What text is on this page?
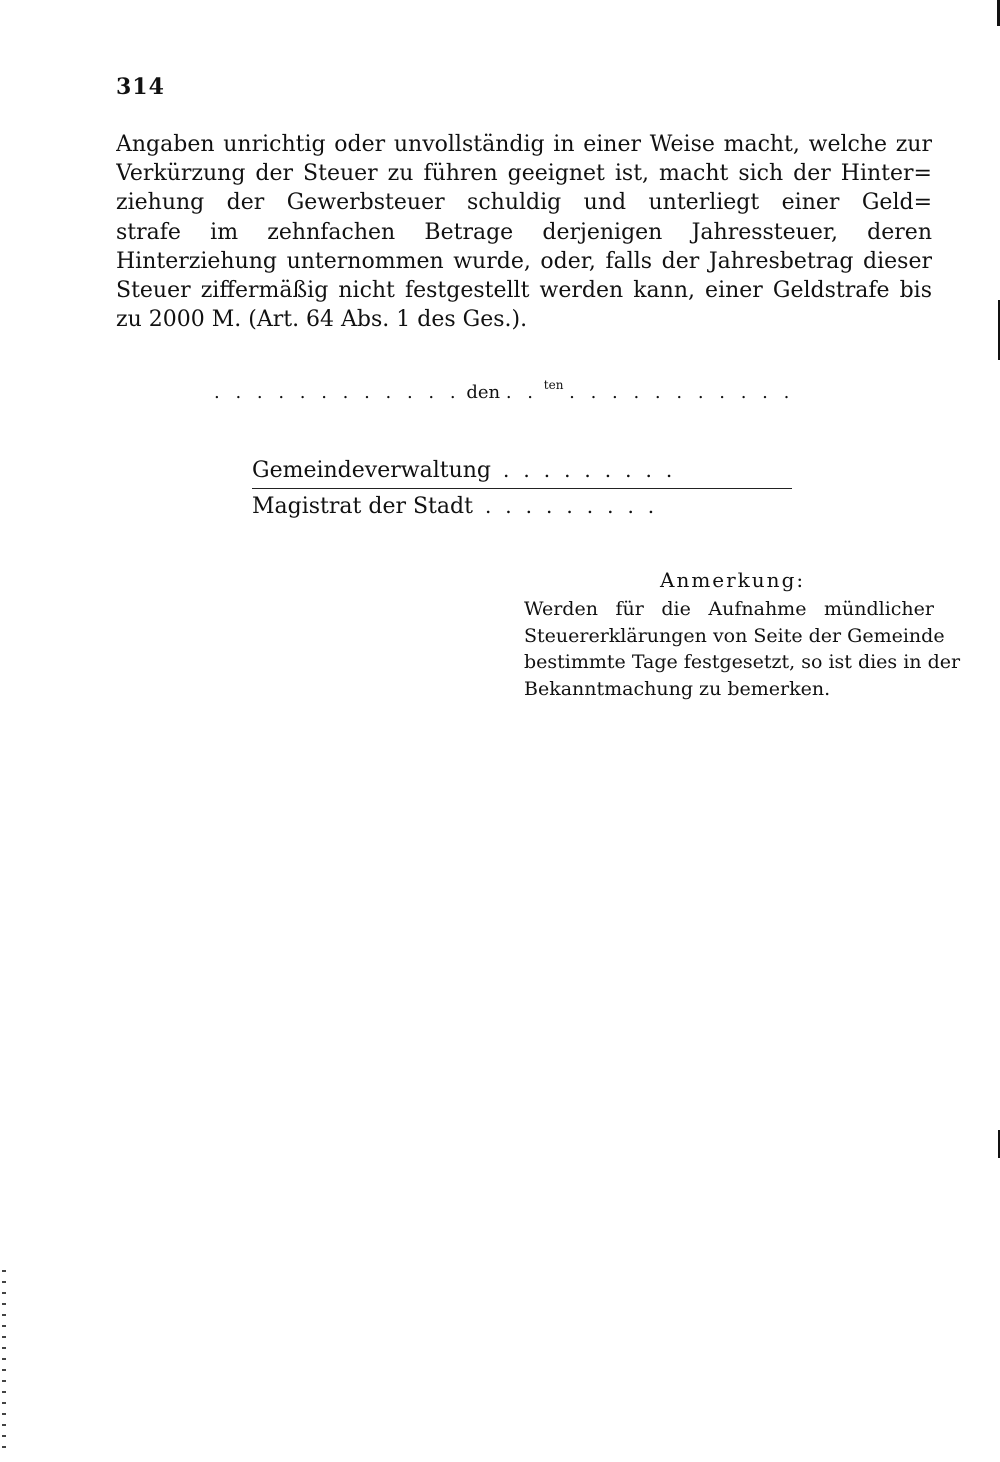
314
Angaben unrichtig oder unvollständig in einer Weise macht, welche zur
Verkürzung der Steuer zu führen geeignet ist, macht sich der Hinter=
ziehung der Gewerbsteuer schuldig und unterliegt einer Geld=
strafe im zehnfachen Betrage derjenigen Jahressteuer, deren
Hinterziehung unternommen wurde, oder, falls der Jahresbetrag dieser
Steuer ziffermäßig nicht festgestellt werden kann, einer Geldstrafe bis
zu 2000 M. (Art. 64 Abs. 1 des Ges.).
. . . . . . . . . . . . den . . $^{ten}$ . . . . . . . . . . .
Gemeindeverwaltung .........
Magistrat der Stadt .........
Anmerkung:
Werden für die Aufnahme mündlicher
Steuererklärungen von Seite der Gemeinde
bestimmte Tage festgesetzt, so ist dies in der
Bekanntmachung zu bemerken.
